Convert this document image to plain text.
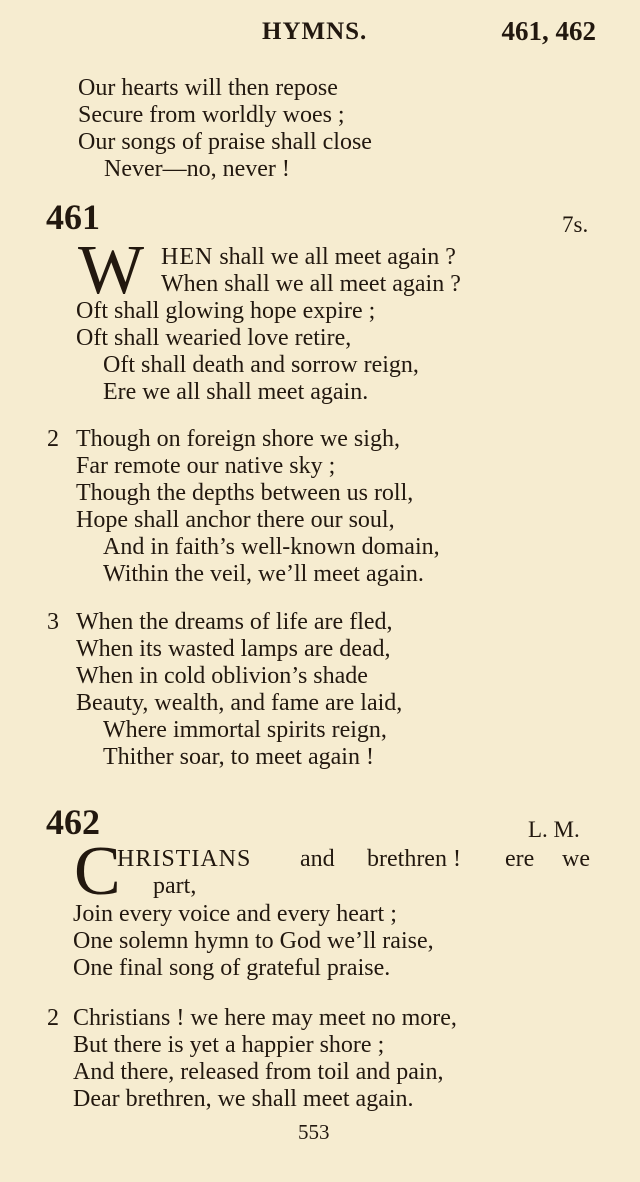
HYMNS.	461, 462
Our hearts will then repose
Secure from worldly woes ;
Our songs of praise shall close
Never—no, never !
461	7s.
W HEN shall we all meet again ?
When shall we all meet again ?
Oft shall glowing hope expire ;
Oft shall wearied love retire,
Oft shall death and sorrow reign,
Ere we all shall meet again.
2 Though on foreign shore we sigh,
Far remote our native sky ;
Though the depths between us roll,
Hope shall anchor there our soul,
And in faith’s well-known domain,
Within the veil, we’ll meet again.
3 When the dreams of life are fled,
When its wasted lamps are dead,
When in cold oblivion’s shade
Beauty, wealth, and fame are laid,
Where immortal spirits reign,
Thither soar, to meet again !
462	L. M.
C
HRISTIANS and brethren ! ere we
part,
Join every voice and every heart ;
One solemn hymn to God we’ll raise,
One final song of grateful praise.
2 Christians ! we here may meet no more,
But there is yet a happier shore ;
And there, released from toil and pain,
Dear brethren, we shall meet again.
553
